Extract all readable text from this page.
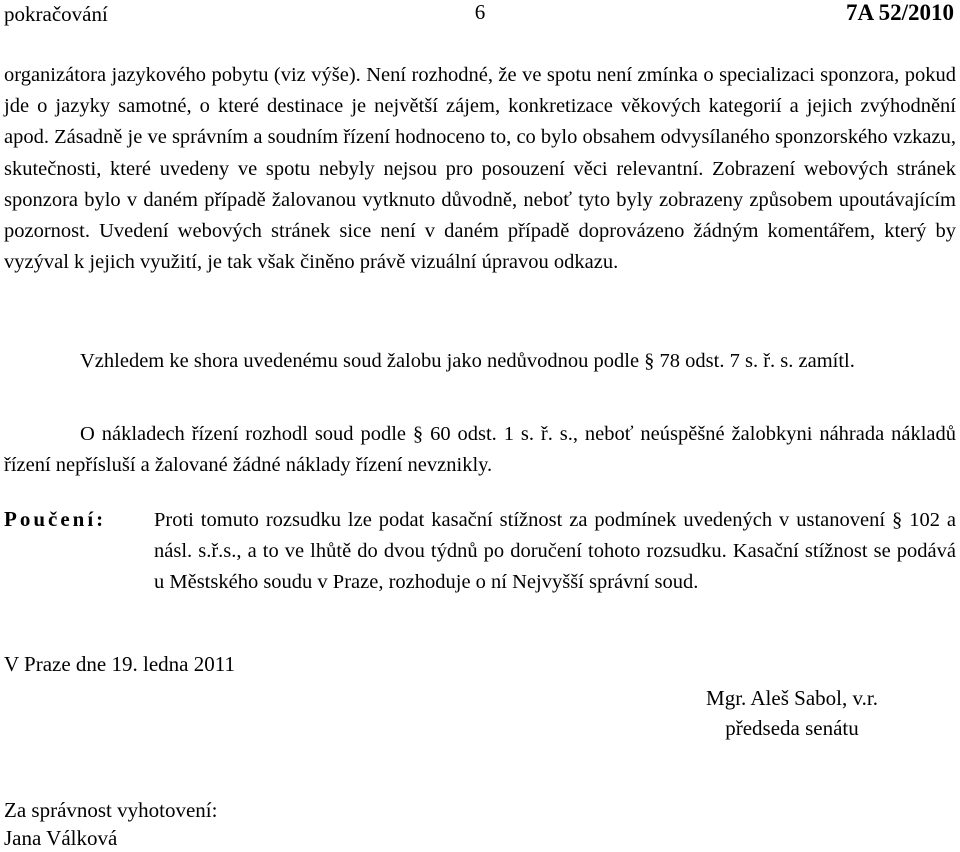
pokračování	6	7A 52/2010

organizátora jazykového pobytu (viz výše). Není rozhodné, že ve spotu není zmínka o specializaci sponzora, pokud jde o jazyky samotné, o které destinace je největší zájem, konkretizace věkových kategorií a jejich zvýhodnění apod. Zásadně je ve správním a soudním řízení hodnoceno to, co bylo obsahem odvysílaného sponzorského vzkazu, skutečnosti, které uvedeny ve spotu nebyly nejsou pro posouzení věci relevantní. Zobrazení webových stránek sponzora bylo v daném případě žalovanou vytknuto důvodně, neboť tyto byly zobrazeny způsobem upoutávajícím pozornost. Uvedení webových stránek sice není v daném případě doprovázeno žádným komentářem, který by vyzýval k jejich využití, je tak však činěno právě vizuální úpravou odkazu.

Vzhledem ke shora uvedenému soud žalobu jako nedůvodnou podle § 78 odst. 7 s. ř. s. zamítl.

O nákladech řízení rozhodl soud podle § 60 odst. 1 s. ř. s., neboť neúspěšné žalobkyni náhrada nákladů řízení nepřísluší a žalované žádné náklady řízení nevznikly.

Poučení: Proti tomuto rozsudku lze podat kasační stížnost za podmínek uvedených v ustanovení § 102 a násl. s.ř.s., a to ve lhůtě do dvou týdnů po doručení tohoto rozsudku. Kasační stížnost se podává u Městského soudu v Praze, rozhoduje o ní Nejvyšší správní soud.

V Praze dne 19. ledna 2011
Mgr. Aleš Sabol, v.r.
předseda senátu
Za správnost vyhotovení:
Jana Válková
